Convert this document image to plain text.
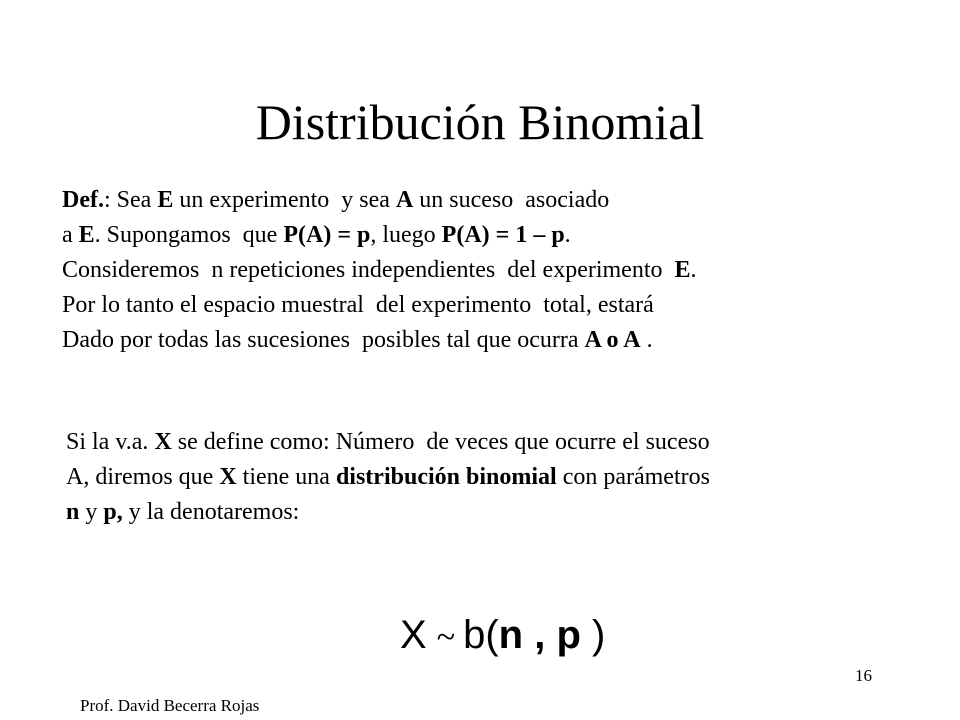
Distribución Binomial
Def.: Sea E un experimento  y sea A un suceso  asociado
a E. Supongamos  que P(A) = p, luego P(A) = 1 – p.
Consideremos  n repeticiones independientes  del experimento  E.
Por lo tanto el espacio muestral  del experimento  total, estará
Dado por todas las sucesiones  posibles tal que ocurra A o A .
Si la v.a. X se define como: Número  de veces que ocurre el suceso
A, diremos que X tiene una distribución binomial con parámetros
n y p, y la denotaremos:
X ~ b(n , p )
16
Prof. David Becerra Rojas
